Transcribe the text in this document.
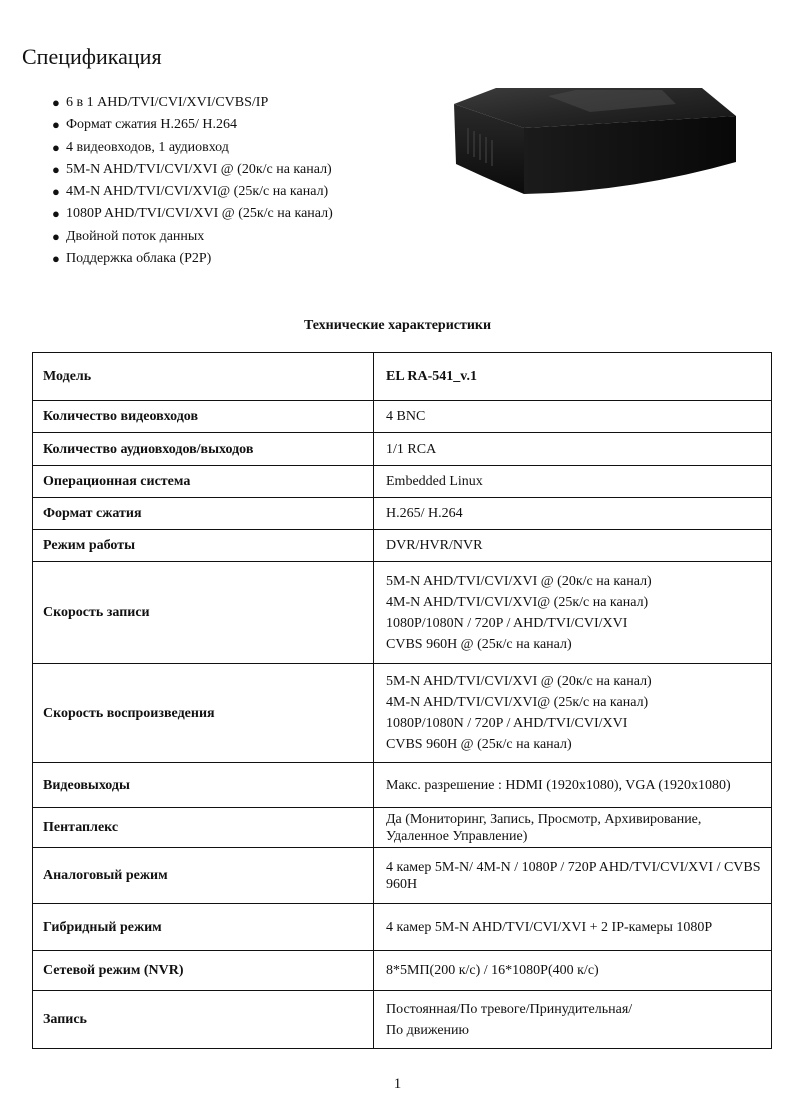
Спецификация
● 6 в 1 AHD/TVI/CVI/XVI/CVBS/IP
● Формат сжатия H.265/ H.264
● 4 видеовходов, 1 аудиовход
● 5M-N AHD/TVI/CVI/XVI @ (20к/с на канал)
● 4M-N AHD/TVI/CVI/XVI@ (25к/с на канал)
● 1080P AHD/TVI/CVI/XVI @ (25к/с на канал)
● Двойной поток данных
● Поддержка облака (P2P)
Технические характеристики
Модель	EL RA-541_v.1

Количество видеовходов	4 BNC

Количество аудиовходов/выходов	1/1 RCA

Операционная система	Embedded Linux

Формат сжатия	H.265/ H.264

Режим работы	DVR/HVR/NVR

Скорость записи	5M-N AHD/TVI/CVI/XVI @ (20к/с на канал)
4M-N AHD/TVI/CVI/XVI@ (25к/с на канал)
1080P/1080N / 720P / AHD/TVI/CVI/XVI
CVBS 960H @ (25к/с на канал)

Скорость воспроизведения	5M-N AHD/TVI/CVI/XVI @ (20к/с на канал)
4M-N AHD/TVI/CVI/XVI@ (25к/с на канал)
1080P/1080N / 720P / AHD/TVI/CVI/XVI
CVBS 960H @ (25к/с на канал)

Видеовыходы	Макс. разрешение : HDMI (1920x1080), VGA (1920x1080)

Пентаплекс	Да (Мониторинг, Запись, Просмотр, Архивирование, Удаленное Управление)

Аналоговый режим	4 камер 5M-N/ 4M-N / 1080P / 720P AHD/TVI/CVI/XVI / CVBS 960H

Гибридный режим	4 камер 5M-N AHD/TVI/CVI/XVI + 2 IP-камеры 1080P

Сетевой режим (NVR)	8*5МП(200 к/с) / 16*1080P(400 к/с)

Запись	Постоянная/По тревоге/Принудительная/
По движению
1
